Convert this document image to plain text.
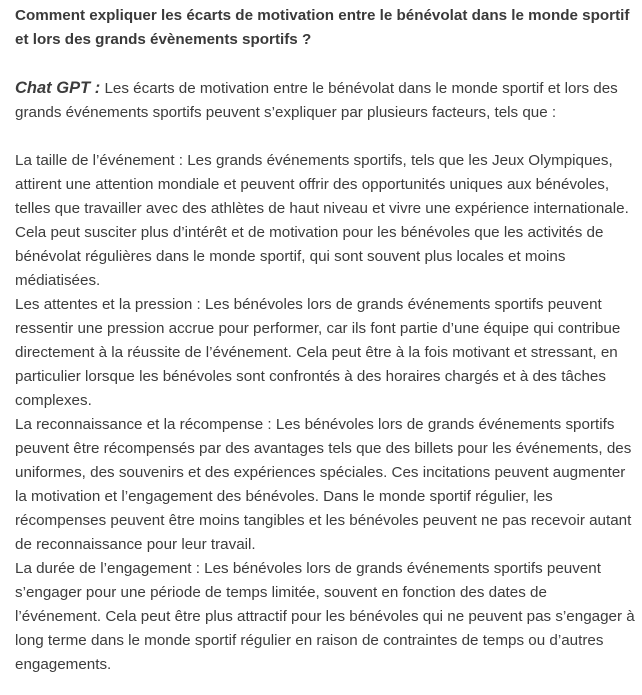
Comment expliquer les écarts de motivation entre le bénévolat dans le monde sportif et lors des grands évènements sportifs ?

Chat GPT : Les écarts de motivation entre le bénévolat dans le monde sportif et lors des grands événements sportifs peuvent s’expliquer par plusieurs facteurs, tels que :

La taille de l’événement : Les grands événements sportifs, tels que les Jeux Olympiques, attirent une attention mondiale et peuvent offrir des opportunités uniques aux bénévoles, telles que travailler avec des athlètes de haut niveau et vivre une expérience internationale. Cela peut susciter plus d’intérêt et de motivation pour les bénévoles que les activités de bénévolat régulières dans le monde sportif, qui sont souvent plus locales et moins médiatisées.

Les attentes et la pression : Les bénévoles lors de grands événements sportifs peuvent ressentir une pression accrue pour performer, car ils font partie d’une équipe qui contribue directement à la réussite de l’événement. Cela peut être à la fois motivant et stressant, en particulier lorsque les bénévoles sont confrontés à des horaires chargés et à des tâches complexes.

La reconnaissance et la récompense : Les bénévoles lors de grands événements sportifs peuvent être récompensés par des avantages tels que des billets pour les événements, des uniformes, des souvenirs et des expériences spéciales. Ces incitations peuvent augmenter la motivation et l’engagement des bénévoles. Dans le monde sportif régulier, les récompenses peuvent être moins tangibles et les bénévoles peuvent ne pas recevoir autant de reconnaissance pour leur travail.

La durée de l’engagement : Les bénévoles lors de grands événements sportifs peuvent s’engager pour une période de temps limitée, souvent en fonction des dates de l’événement. Cela peut être plus attractif pour les bénévoles qui ne peuvent pas s’engager à long terme dans le monde sportif régulier en raison de contraintes de temps ou d’autres engagements.
